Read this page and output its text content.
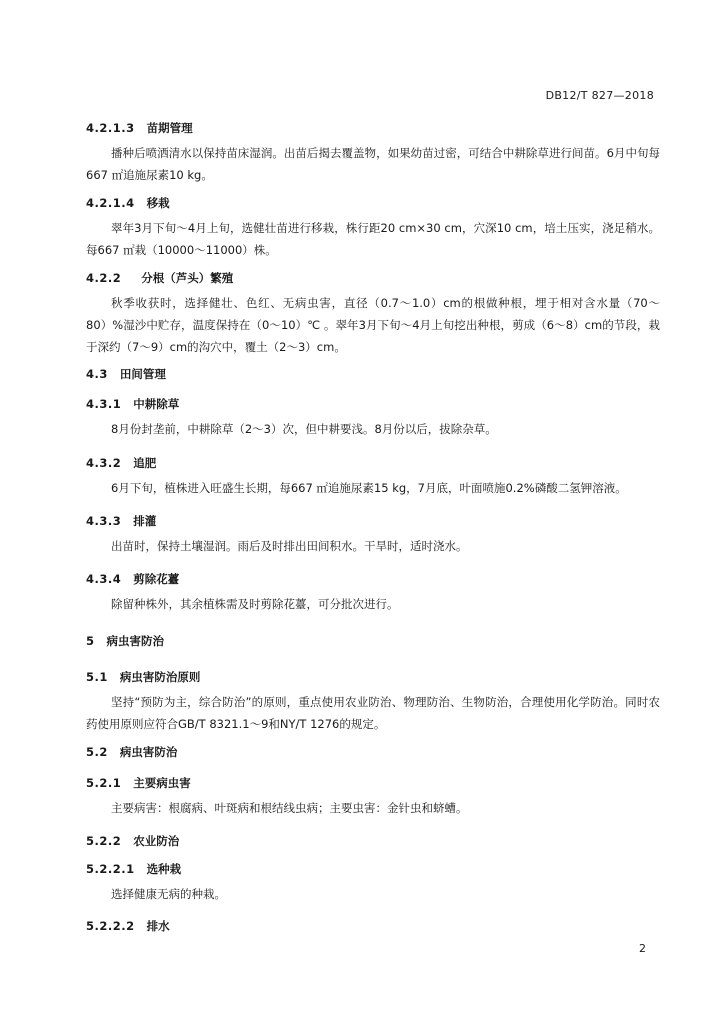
DB12/T 827—2018
4.2.1.3 苗期管理
播种后喷洒清水以保持苗床湿润。出苗后揭去覆盖物，如果幼苗过密，可结合中耕除草进行间苗。6月中旬每667 ㎡追施尿素10 kg。
4.2.1.4 移栽
翠年3月下旬～4月上旬，选健壮苗进行移栽，株行距20 cm×30 cm，穴深10 cm，培土压实，浇足稍水。每667 ㎡栽（10000～11000）株。
4.2.2 分根（芦头）繁殖
秋季收获时，选择健壮、色红、无病虫害，直径（0.7～1.0）cm的根做种根，埋于相对含水量（70～80）%湿沙中贮存，温度保持在（0～10）℃ 。翠年3月下旬～4月上旬挖出种根，剪成（6～8）cm的节段，栽于深约（7～9）cm的沟穴中，覆土（2～3）cm。
4.3 田间管理
4.3.1 中耕除草
8月份封垄前，中耕除草（2～3）次，但中耕要浅。8月份以后，拔除杂草。
4.3.2 追肥
6月下旬，植株进入旺盛生长期，每667 ㎡追施尿素15 kg，7月底，叶面喷施0.2%磷酸二氢钾溶液。
4.3.3 排灌
出苗时，保持土壤湿润。雨后及时排出田间积水。干旱时，适时浇水。
4.3.4 剪除花薹
除留种株外，其余植株需及时剪除花薹，可分批次进行。
5 病虫害防治
5.1 病虫害防治原则
坚持“预防为主，综合防治”的原则，重点使用农业防治、物理防治、生物防治，合理使用化学防治。同时农药使用原则应符合GB/T 8321.1～9和NY/T 1276的规定。
5.2 病虫害防治
5.2.1 主要病虫害
主要病害：根腐病、叶斑病和根结线虫病；主要虫害：金针虫和蛴螬。
5.2.2 农业防治
5.2.2.1 选种栽
选择健康无病的种栽。
5.2.2.2 排水
2
